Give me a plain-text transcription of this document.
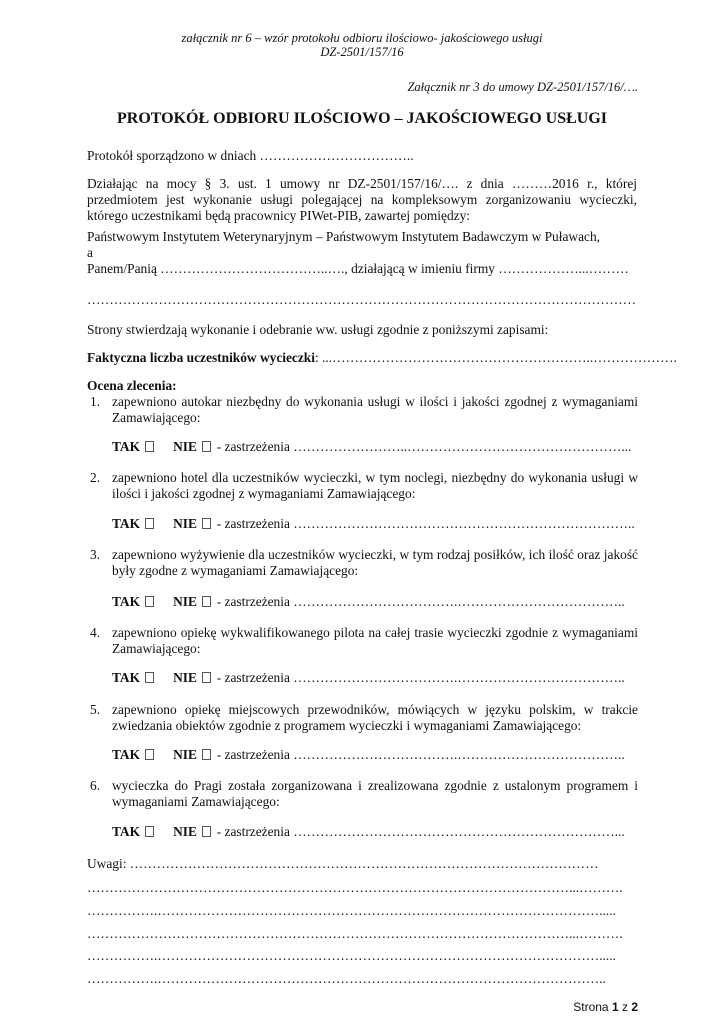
załącznik nr 6 – wzór protokołu odbioru ilościowo- jakościowego usługi
DZ-2501/157/16
Załącznik nr 3 do umowy DZ-2501/157/16/….
PROTOKÓŁ ODBIORU ILOŚCIOWO – JAKOŚCIOWEGO USŁUGI
Protokół sporządzono w dniach ……………………………..
Działając na mocy § 3. ust. 1 umowy nr DZ-2501/157/16/…. z dnia ………2016 r., której przedmiotem jest wykonanie usługi polegającej na kompleksowym zorganizowaniu wycieczki, którego uczestnikami będą pracownicy PIWet-PIB, zawartej pomiędzy:
Państwowym Instytutem Weterynaryjnym – Państwowym Instytutem Badawczym w Puławach,
a
Panem/Panią ………………………………..…., działającą w imieniu firmy ………………...………
……………………………………………………………………………………………………………
Strony stwierdzają wykonanie i odebranie ww. usługi zgodnie z poniższymi zapisami:
Faktyczna liczba uczestników wycieczki: ...…………………………………………………..……………….
Ocena zlecenia:
1. zapewniono autokar niezbędny do wykonania usługi w ilości i jakości zgodnej z wymaganiami Zamawiającego:
TAK NIE - zastrzeżenia ……………………..…………………………………………...
2. zapewniono hotel dla uczestników wycieczki, w tym noclegi, niezbędny do wykonania usługi w ilości i jakości zgodnej z wymaganiami Zamawiającego:
TAK NIE - zastrzeżenia …………………………………………………………………..
3. zapewniono wyżywienie dla uczestników wycieczki, w tym rodzaj posiłków, ich ilość oraz jakość były zgodne z wymaganiami Zamawiającego:
TAK NIE - zastrzeżenia ……………………………….………………………………..
4. zapewniono opiekę wykwalifikowanego pilota na całej trasie wycieczki zgodnie z wymaganiami Zamawiającego:
TAK NIE - zastrzeżenia ……………………………….………………………………..
5. zapewniono opiekę miejscowych przewodników, mówiących w języku polskim, w trakcie zwiedzania obiektów zgodnie z programem wycieczki i wymaganiami Zamawiającego:
TAK NIE - zastrzeżenia ……………………………….………………………………..
6. wycieczka do Pragi została zorganizowana i zrealizowana zgodnie z ustalonym programem i wymaganiami Zamawiającego:
TAK NIE - zastrzeżenia ………………………………………………………………...
Uwagi: ……………………………………………………………………………………………
………………………………………………………………………………………………...……….
…………….……………………………………………………………………………………….....
………………………………………………………………………………………………...……….
…………….……………………………………………………………………………………….....
…………….………………………………………………………………………………………..
Strona 1 z 2
